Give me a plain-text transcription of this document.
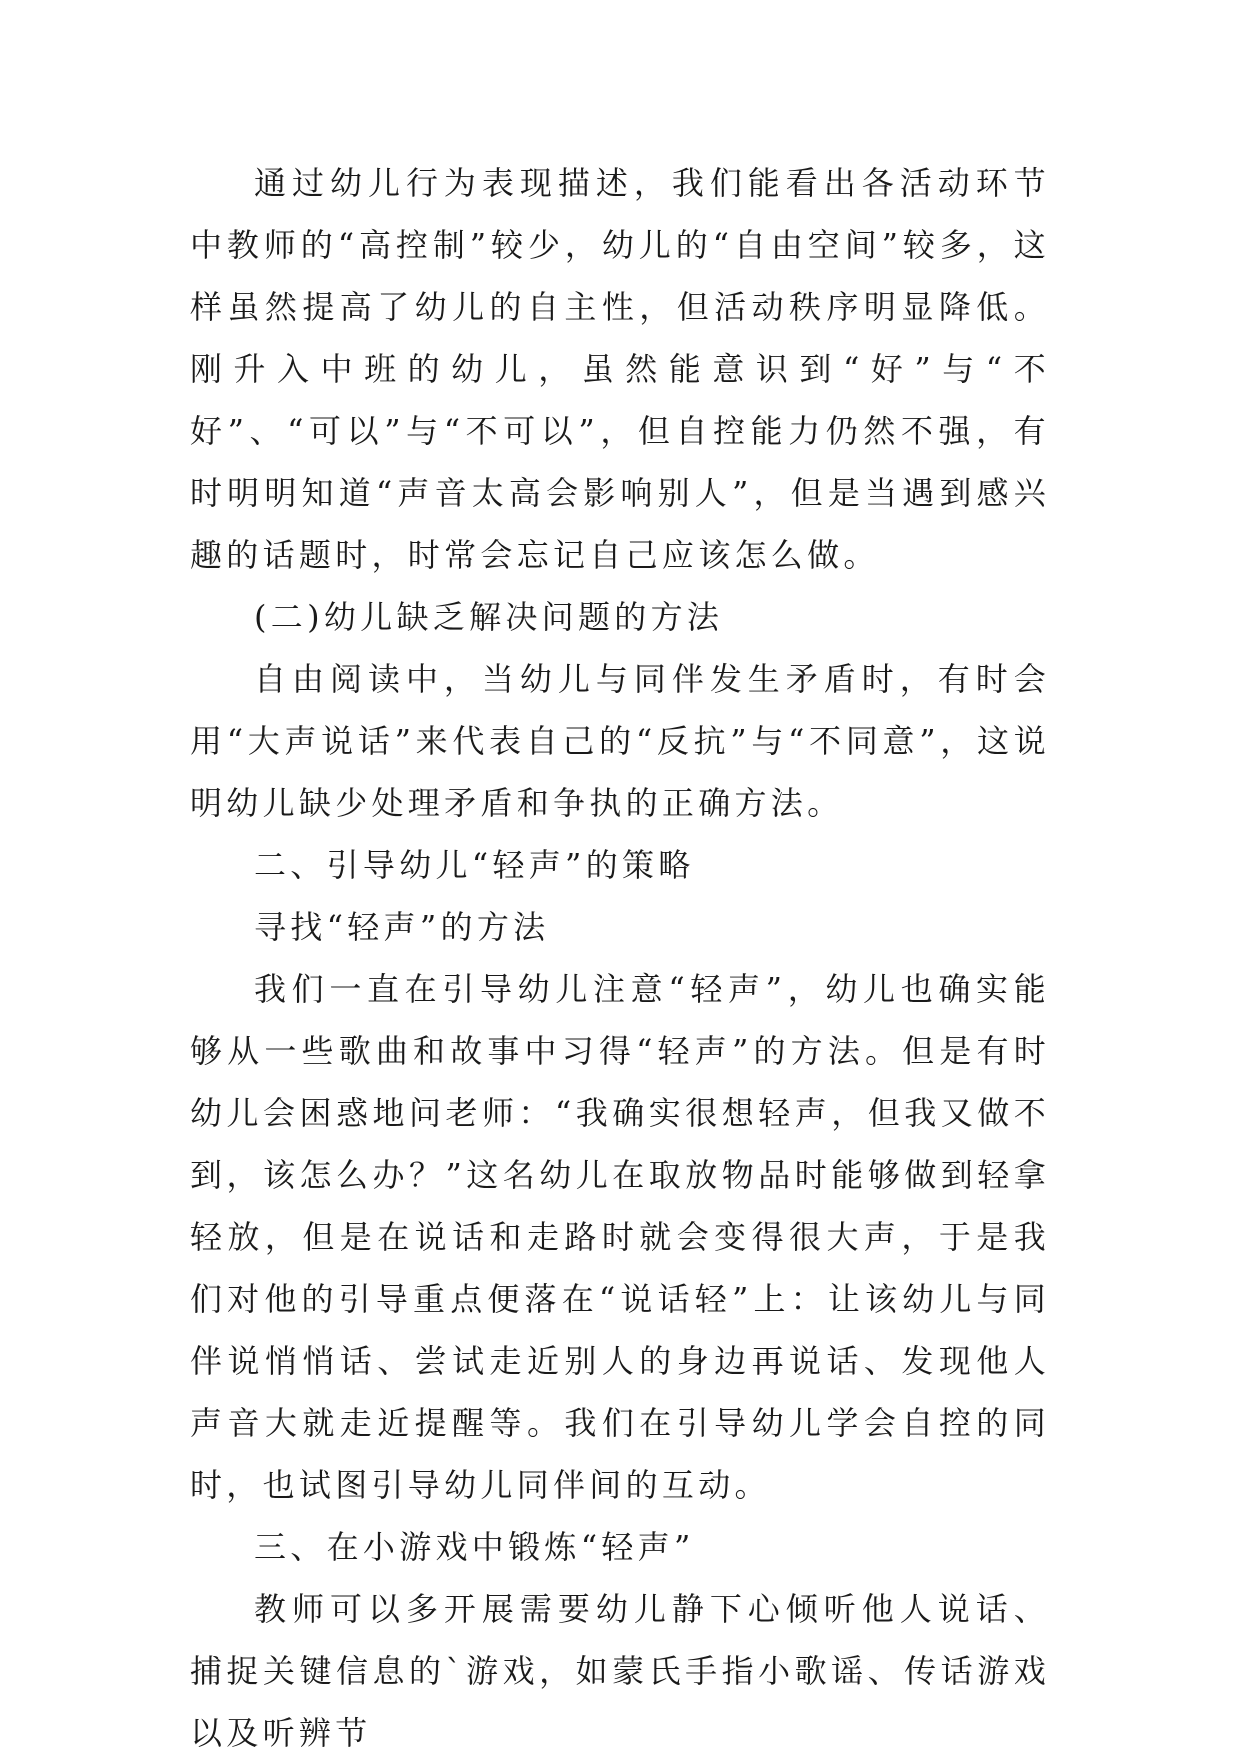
通过幼儿行为表现描述，我们能看出各活动环节中教师的“高控制”较少，幼儿的“自由空间”较多，这样虽然提高了幼儿的自主性，但活动秩序明显降低。刚升入中班的幼儿，虽然能意识到“好”与“不好”、“可以”与“不可以”，但自控能力仍然不强，有时明明知道“声音太高会影响别人”，但是当遇到感兴趣的话题时，时常会忘记自己应该怎么做。

(二)幼儿缺乏解决问题的方法

自由阅读中，当幼儿与同伴发生矛盾时，有时会用“大声说话”来代表自己的“反抗”与“不同意”，这说明幼儿缺少处理矛盾和争执的正确方法。

二、引导幼儿“轻声”的策略

寻找“轻声”的方法

我们一直在引导幼儿注意“轻声”，幼儿也确实能够从一些歌曲和故事中习得“轻声”的方法。但是有时幼儿会困惑地问老师：“我确实很想轻声，但我又做不到，该怎么办？”这名幼儿在取放物品时能够做到轻拿轻放，但是在说话和走路时就会变得很大声，于是我们对他的引导重点便落在“说话轻”上：让该幼儿与同伴说悄悄话、尝试走近别人的身边再说话、发现他人声音大就走近提醒等。我们在引导幼儿学会自控的同时，也试图引导幼儿同伴间的互动。

三、在小游戏中锻炼“轻声”

教师可以多开展需要幼儿静下心倾听他人说话、捕捉关键信息的`游戏，如蒙氏手指小歌谣、传话游戏以及听辨节
